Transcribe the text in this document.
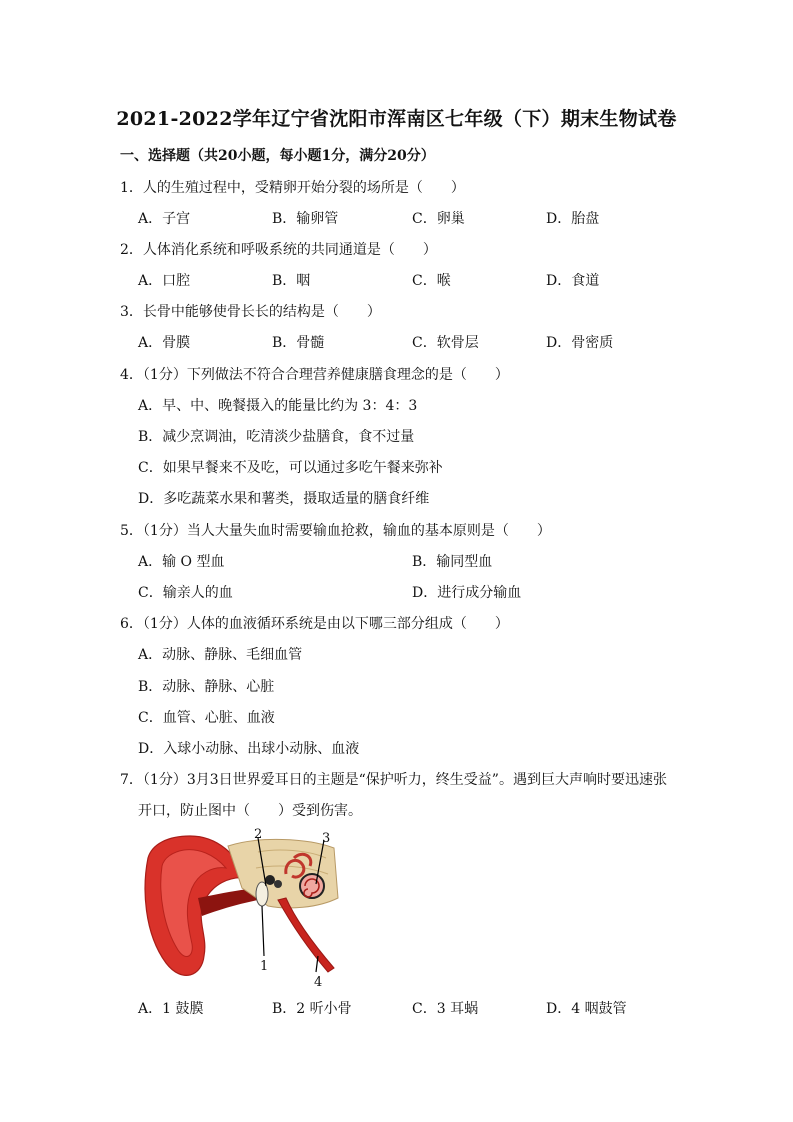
2021-2022学年辽宁省沈阳市浑南区七年级（下）期末生物试卷
一、选择题（共20小题，每小题1分，满分20分）
1．人的生殖过程中，受精卵开始分裂的场所是（　　）
A．子宫	B．输卵管	C．卵巢	D．胎盘
2．人体消化系统和呼吸系统的共同通道是（　　）
A．口腔	B．咽	C．喉	D．食道
3．长骨中能够使骨长长的结构是（　　）
A．骨膜	B．骨髓	C．软骨层	D．骨密质
4．（1分）下列做法不符合合理营养健康膳食理念的是（　　）
A．早、中、晚餐摄入的能量比约为 3：4：3
B．减少烹调油，吃清淡少盐膳食，食不过量
C．如果早餐来不及吃，可以通过多吃午餐来弥补
D．多吃蔬菜水果和薯类，摄取适量的膳食纤维
5．（1分）当人大量失血时需要输血抢救，输血的基本原则是（　　）
A．输 O 型血	B．输同型血
C．输亲人的血	D．进行成分输血
6．（1分）人体的血液循环系统是由以下哪三部分组成（　　）
A．动脉、静脉、毛细血管
B．动脉、静脉、心脏
C．血管、心脏、血液
D．入球小动脉、出球小动脉、血液
7．（1分）3月3日世界爱耳日的主题是“保护听力，终生受益”。遇到巨大声响时要迅速张
开口，防止图中（　　）受到伤害。
2	3
1
4
A．1 鼓膜	B．2 听小骨	C．3 耳蜗	D．4 咽鼓管
